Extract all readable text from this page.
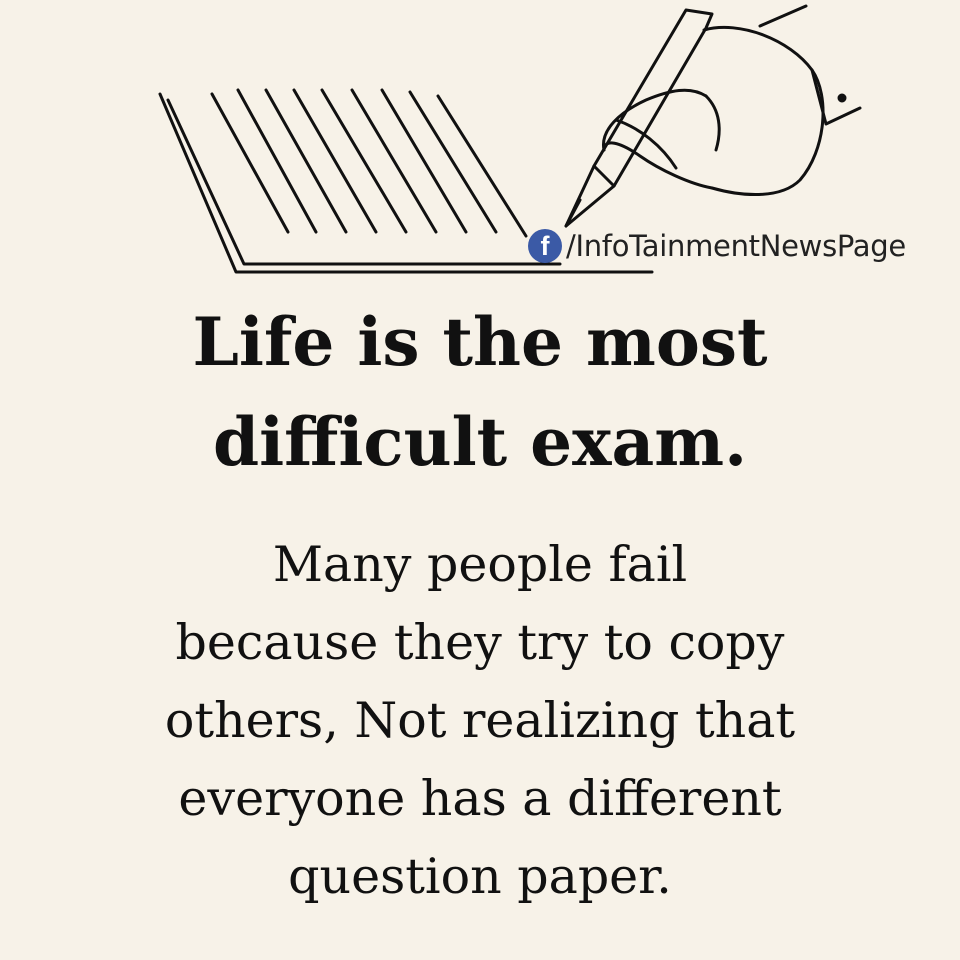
f /InfoTainmentNewsPage
Life is the most
difficult exam.
Many people fail
because they try to copy
others, Not realizing that
everyone has a different
question paper.
